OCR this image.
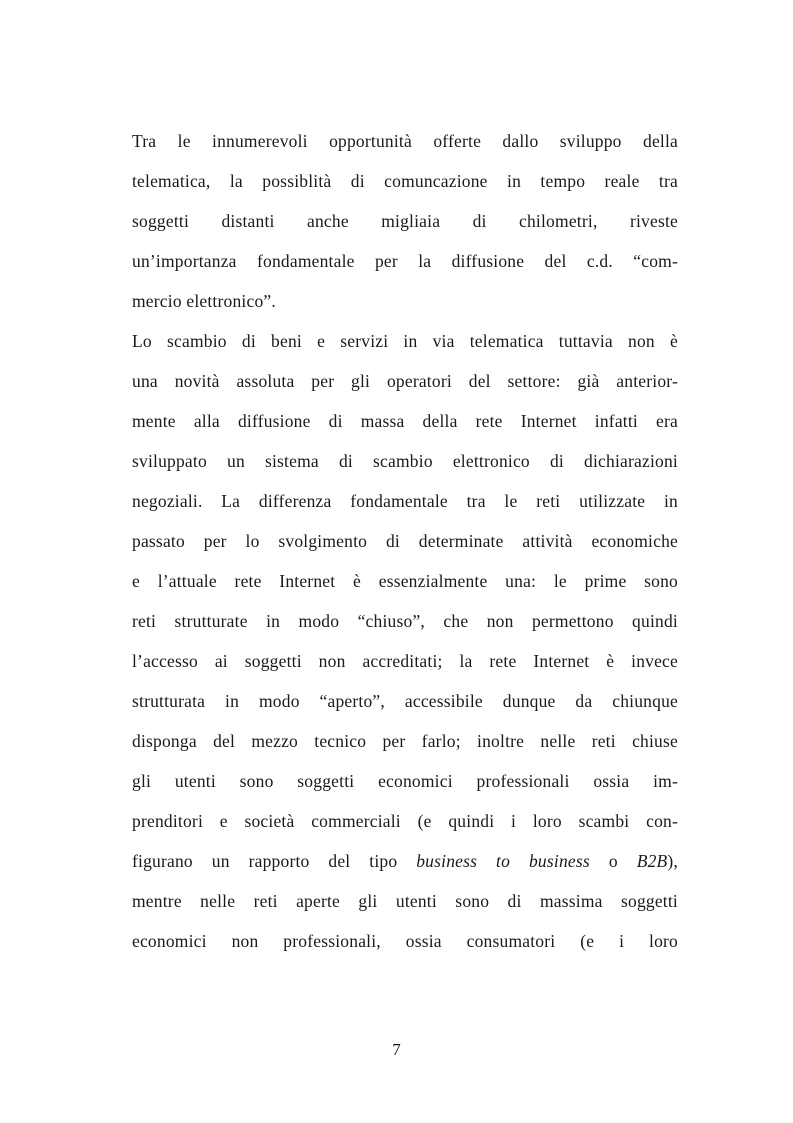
Tra le innumerevoli opportunità offerte dallo sviluppo della
telematica, la possiblità di comuncazione in tempo reale tra
soggetti distanti anche migliaia di chilometri, riveste
un’importanza fondamentale per la diffusione del c.d. “com-
mercio elettronico”.
Lo scambio di beni e servizi in via telematica tuttavia non è
una novità assoluta per gli operatori del settore: già anterior-
mente alla diffusione di massa della rete Internet infatti era
sviluppato un sistema di scambio elettronico di dichiarazioni
negoziali. La differenza fondamentale tra le reti utilizzate in
passato per lo svolgimento di determinate attività economiche
e l’attuale rete Internet è essenzialmente una: le prime sono
reti strutturate in modo “chiuso”, che non permettono quindi
l’accesso ai soggetti non accreditati; la rete Internet è invece
strutturata in modo “aperto”, accessibile dunque da chiunque
disponga del mezzo tecnico per farlo; inoltre nelle reti chiuse
gli utenti sono soggetti economici professionali ossia im-
prenditori e società commerciali (e quindi i loro scambi con-
figurano un rapporto del tipo business to business o B2B),
mentre nelle reti aperte gli utenti sono di massima soggetti
economici non professionali, ossia consumatori (e i loro
7
